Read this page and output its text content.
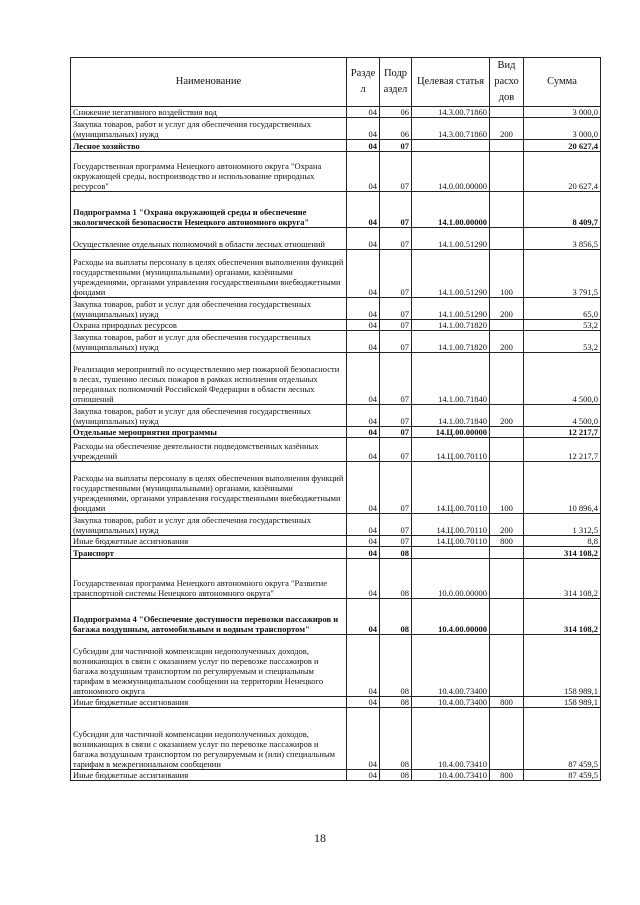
Наименование	Разде л	Подр аздел	Целевая статья	Вид расхо дов	Сумма
Снижение негативного воздействия вод	04	06	14.3.00.71860		3 000,0
Закупка товаров, работ и услуг для обеспечения государственных (муниципальных) нужд	04	06	14.3.00.71860	200	3 000,0
Лесное хозяйство	04	07			20 627,4
Государственная программа Ненецкого автономного округа "Охрана окружающей среды, воспроизводство и использование природных ресурсов"	04	07	14.0.00.00000		20 627,4
Подпрограмма 1 "Охрана окружающей среды и обеспечение экологической безопасности Ненецкого автономного округа"	04	07	14.1.00.00000		8 409,7
Осуществление отдельных полномочий в области лесных отношений	04	07	14.1.00.51290		3 856,5
Расходы на выплаты персоналу в целях обеспечения выполнения функций государственными (муниципальными) органами, казёнными учреждениями, органами управления государственными внебюджетными фондами	04	07	14.1.00.51290	100	3 791,5
Закупка товаров, работ и услуг для обеспечения государственных (муниципальных) нужд	04	07	14.1.00.51290	200	65,0
Охрана природных ресурсов	04	07	14.1.00.71820		53,2
Закупка товаров, работ и услуг для обеспечения государственных (муниципальных) нужд	04	07	14.1.00.71820	200	53,2
Реализация мероприятий по осуществлению мер пожарной безопасности в лесах, тушению лесных пожаров в рамках исполнения отдельных переданных полномочий Российской Федерации в области лесных отношений	04	07	14.1.00.71840		4 500,0
Закупка товаров, работ и услуг для обеспечения государственных (муниципальных) нужд	04	07	14.1.00.71840	200	4 500,0
Отдельные мероприятия программы	04	07	14.Ц.00.00000		12 217,7
Расходы на обеспечение деятельности подведомственных казённых учреждений	04	07	14.Ц.00.70110		12 217,7
Расходы на выплаты персоналу в целях обеспечения выполнения функций государственными (муниципальными) органами, казёнными учреждениями, органами управления государственными внебюджетными фондами	04	07	14.Ц.00.70110	100	10 896,4
Закупка товаров, работ и услуг для обеспечения государственных (муниципальных) нужд	04	07	14.Ц.00.70110	200	1 312,5
Иные бюджетные ассигнования	04	07	14.Ц.00.70110	800	8,8
Транспорт	04	08			314 108,2
Государственная программа Ненецкого автономного округа "Развитие транспортной системы Ненецкого автономного округа"	04	08	10.0.00.00000		314 108,2
Подпрограмма 4 "Обеспечение доступности перевозки пассажиров и багажа воздушным, автомобильным и водным транспортом"	04	08	10.4.00.00000		314 108,2
Субсидии для частичной компенсации недополученных доходов, возникающих в связи с оказанием услуг по перевозке пассажиров и багажа воздушным транспортом по регулируемым и специальным тарифам в межмуниципальном сообщении на территории Ненецкого автономного округа	04	08	10.4.00.73400		158 989,1
Иные бюджетные ассигнования	04	08	10.4.00.73400	800	158 989,1
Субсидии для частичной компенсации недополученных доходов, возникающих в связи с оказанием услуг по перевозке пассажиров и багажа воздушным транспортом по регулируемым и (или) специальным тарифам в межрегиональном сообщении	04	08	10.4.00.73410		87 459,5
Иные бюджетные ассигнования	04	08	10.4.00.73410	800	87 459,5
18
